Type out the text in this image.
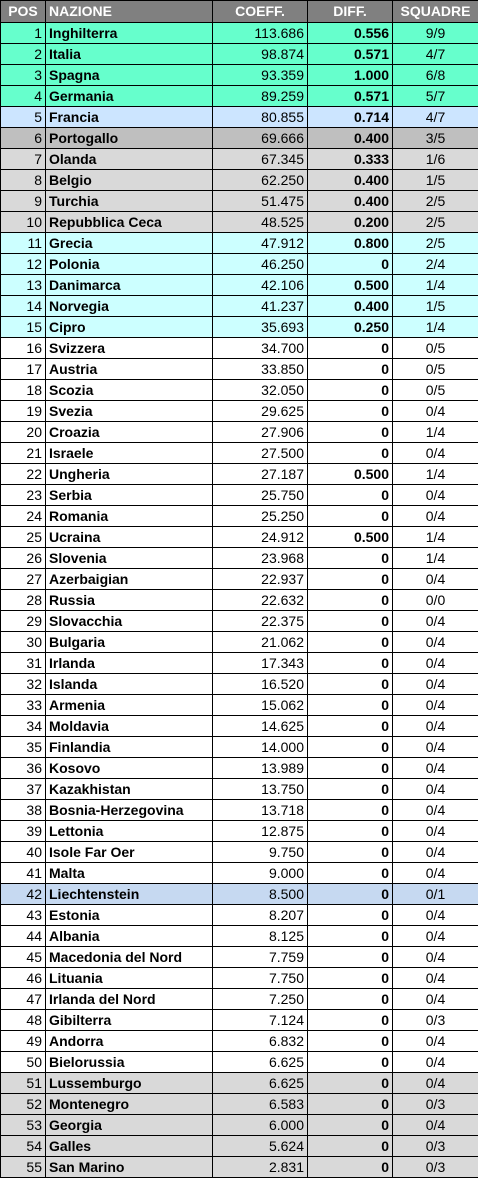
POS	NAZIONE	COEFF.	DIFF.	SQUADRE
1	Inghilterra	113.686	0.556	9/9
2	Italia	98.874	0.571	4/7
3	Spagna	93.359	1.000	6/8
4	Germania	89.259	0.571	5/7
5	Francia	80.855	0.714	4/7
6	Portogallo	69.666	0.400	3/5
7	Olanda	67.345	0.333	1/6
8	Belgio	62.250	0.400	1/5
9	Turchia	51.475	0.400	2/5
10	Repubblica Ceca	48.525	0.200	2/5
11	Grecia	47.912	0.800	2/5
12	Polonia	46.250	0	2/4
13	Danimarca	42.106	0.500	1/4
14	Norvegia	41.237	0.400	1/5
15	Cipro	35.693	0.250	1/4
16	Svizzera	34.700	0	0/5
17	Austria	33.850	0	0/5
18	Scozia	32.050	0	0/5
19	Svezia	29.625	0	0/4
20	Croazia	27.906	0	1/4
21	Israele	27.500	0	0/4
22	Ungheria	27.187	0.500	1/4
23	Serbia	25.750	0	0/4
24	Romania	25.250	0	0/4
25	Ucraina	24.912	0.500	1/4
26	Slovenia	23.968	0	1/4
27	Azerbaigian	22.937	0	0/4
28	Russia	22.632	0	0/0
29	Slovacchia	22.375	0	0/4
30	Bulgaria	21.062	0	0/4
31	Irlanda	17.343	0	0/4
32	Islanda	16.520	0	0/4
33	Armenia	15.062	0	0/4
34	Moldavia	14.625	0	0/4
35	Finlandia	14.000	0	0/4
36	Kosovo	13.989	0	0/4
37	Kazakhistan	13.750	0	0/4
38	Bosnia-Herzegovina	13.718	0	0/4
39	Lettonia	12.875	0	0/4
40	Isole Far Oer	9.750	0	0/4
41	Malta	9.000	0	0/4
42	Liechtenstein	8.500	0	0/1
43	Estonia	8.207	0	0/4
44	Albania	8.125	0	0/4
45	Macedonia del Nord	7.759	0	0/4
46	Lituania	7.750	0	0/4
47	Irlanda del Nord	7.250	0	0/4
48	Gibilterra	7.124	0	0/3
49	Andorra	6.832	0	0/4
50	Bielorussia	6.625	0	0/4
51	Lussemburgo	6.625	0	0/4
52	Montenegro	6.583	0	0/3
53	Georgia	6.000	0	0/4
54	Galles	5.624	0	0/3
55	San Marino	2.831	0	0/3
